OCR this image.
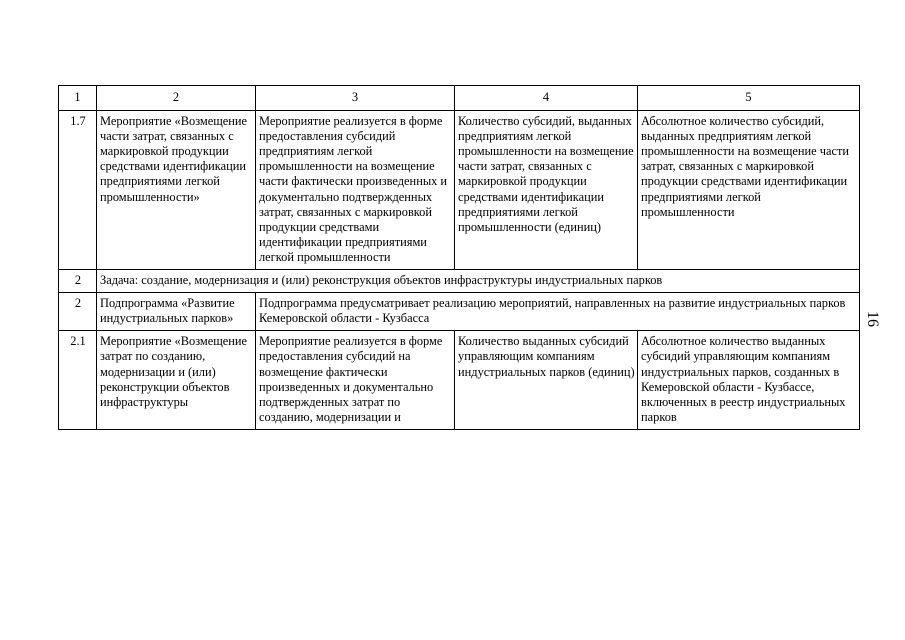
1	2	3	4	5
1.7	Мероприятие «Возмещение части затрат, связанных с маркировкой продукции средствами идентификации предприятиями легкой промышленности»	Мероприятие реализуется в форме предоставления субсидий предприятиям легкой промышленности на возмещение части фактически произведенных и документально подтвержденных затрат, связанных с маркировкой продукции средствами идентификации предприятиями легкой промышленности	Количество субсидий, выданных предприятиям легкой промышленности на возмещение части затрат, связанных с маркировкой продукции средствами идентификации предприятиями легкой промышленности (единиц)	Абсолютное количество субсидий, выданных предприятиям легкой промышленности на возмещение части затрат, связанных с маркировкой продукции средствами идентификации предприятиями легкой промышленности
2	Задача: создание, модернизация и (или) реконструкция объектов инфраструктуры индустриальных парков			
2	Подпрограмма «Развитие индустриальных парков»	Подпрограмма предусматривает реализацию мероприятий, направленных на развитие индустриальных парков Кемеровской области - Кузбасса		
2.1	Мероприятие «Возмещение затрат по созданию, модернизации и (или) реконструкции объектов инфраструктуры	Мероприятие реализуется в форме предоставления субсидий на возмещение фактически произведенных и документально подтвержденных затрат по созданию, модернизации и	Количество выданных субсидий управляющим компаниям индустриальных парков (единиц)	Абсолютное количество выданных субсидий управляющим компаниям индустриальных парков, созданных в Кемеровской области - Кузбассе, включенных в реестр индустриальных парков
16
